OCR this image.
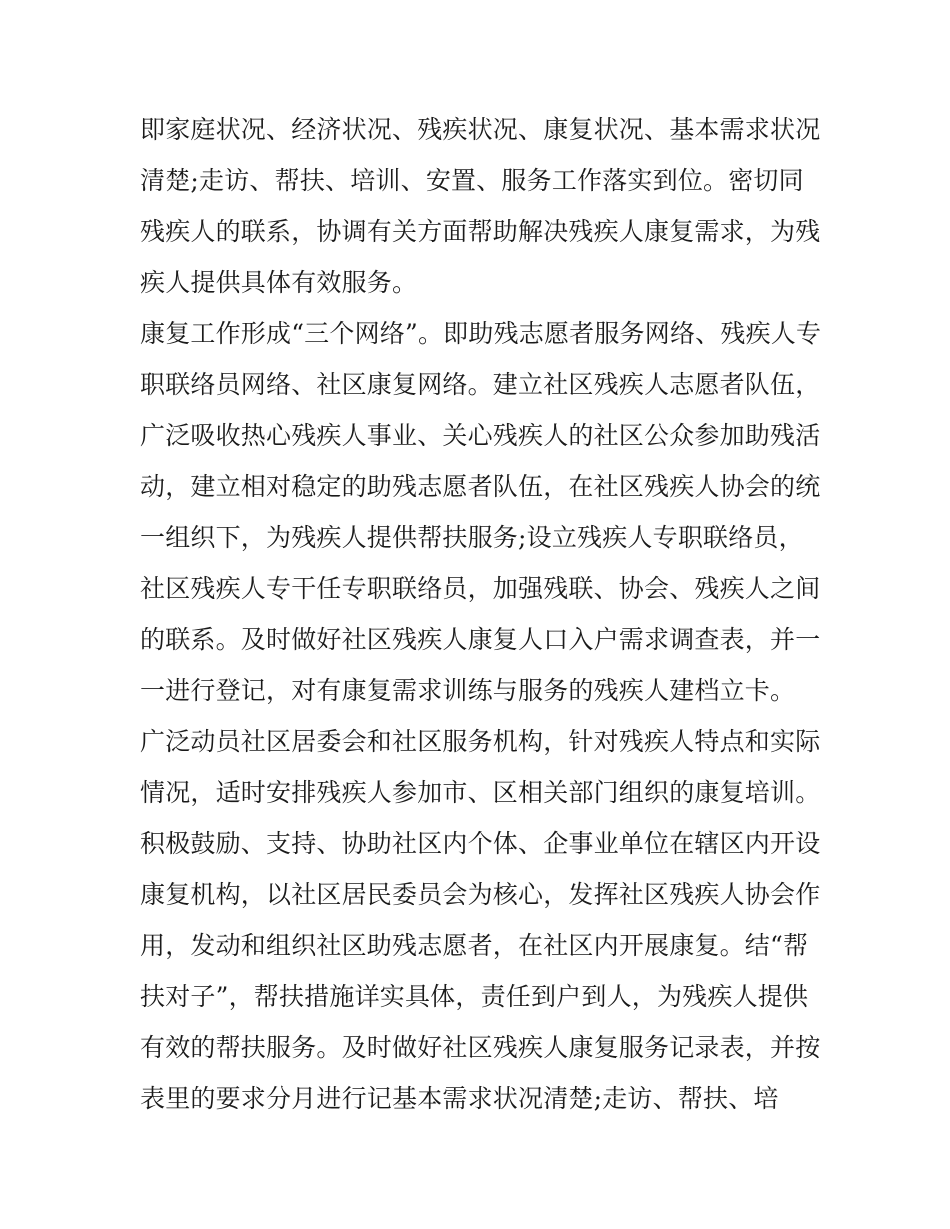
即家庭状况、经济状况、残疾状况、康复状况、基本需求状况
清楚;走访、帮扶、培训、安置、服务工作落实到位。密切同
残疾人的联系，协调有关方面帮助解决残疾人康复需求，为残
疾人提供具体有效服务。
康复工作形成“三个网络”。即助残志愿者服务网络、残疾人专
职联络员网络、社区康复网络。建立社区残疾人志愿者队伍，
广泛吸收热心残疾人事业、关心残疾人的社区公众参加助残活
动，建立相对稳定的助残志愿者队伍，在社区残疾人协会的统
一组织下，为残疾人提供帮扶服务;设立残疾人专职联络员，
社区残疾人专干任专职联络员，加强残联、协会、残疾人之间
的联系。及时做好社区残疾人康复人口入户需求调查表，并一
一进行登记，对有康复需求训练与服务的残疾人建档立卡。
广泛动员社区居委会和社区服务机构，针对残疾人特点和实际
情况，适时安排残疾人参加市、区相关部门组织的康复培训。
积极鼓励、支持、协助社区内个体、企事业单位在辖区内开设
康复机构，以社区居民委员会为核心，发挥社区残疾人协会作
用，发动和组织社区助残志愿者，在社区内开展康复。结“帮
扶对子”，帮扶措施详实具体，责任到户到人，为残疾人提供
有效的帮扶服务。及时做好社区残疾人康复服务记录表，并按
表里的要求分月进行记基本需求状况清楚;走访、帮扶、培
